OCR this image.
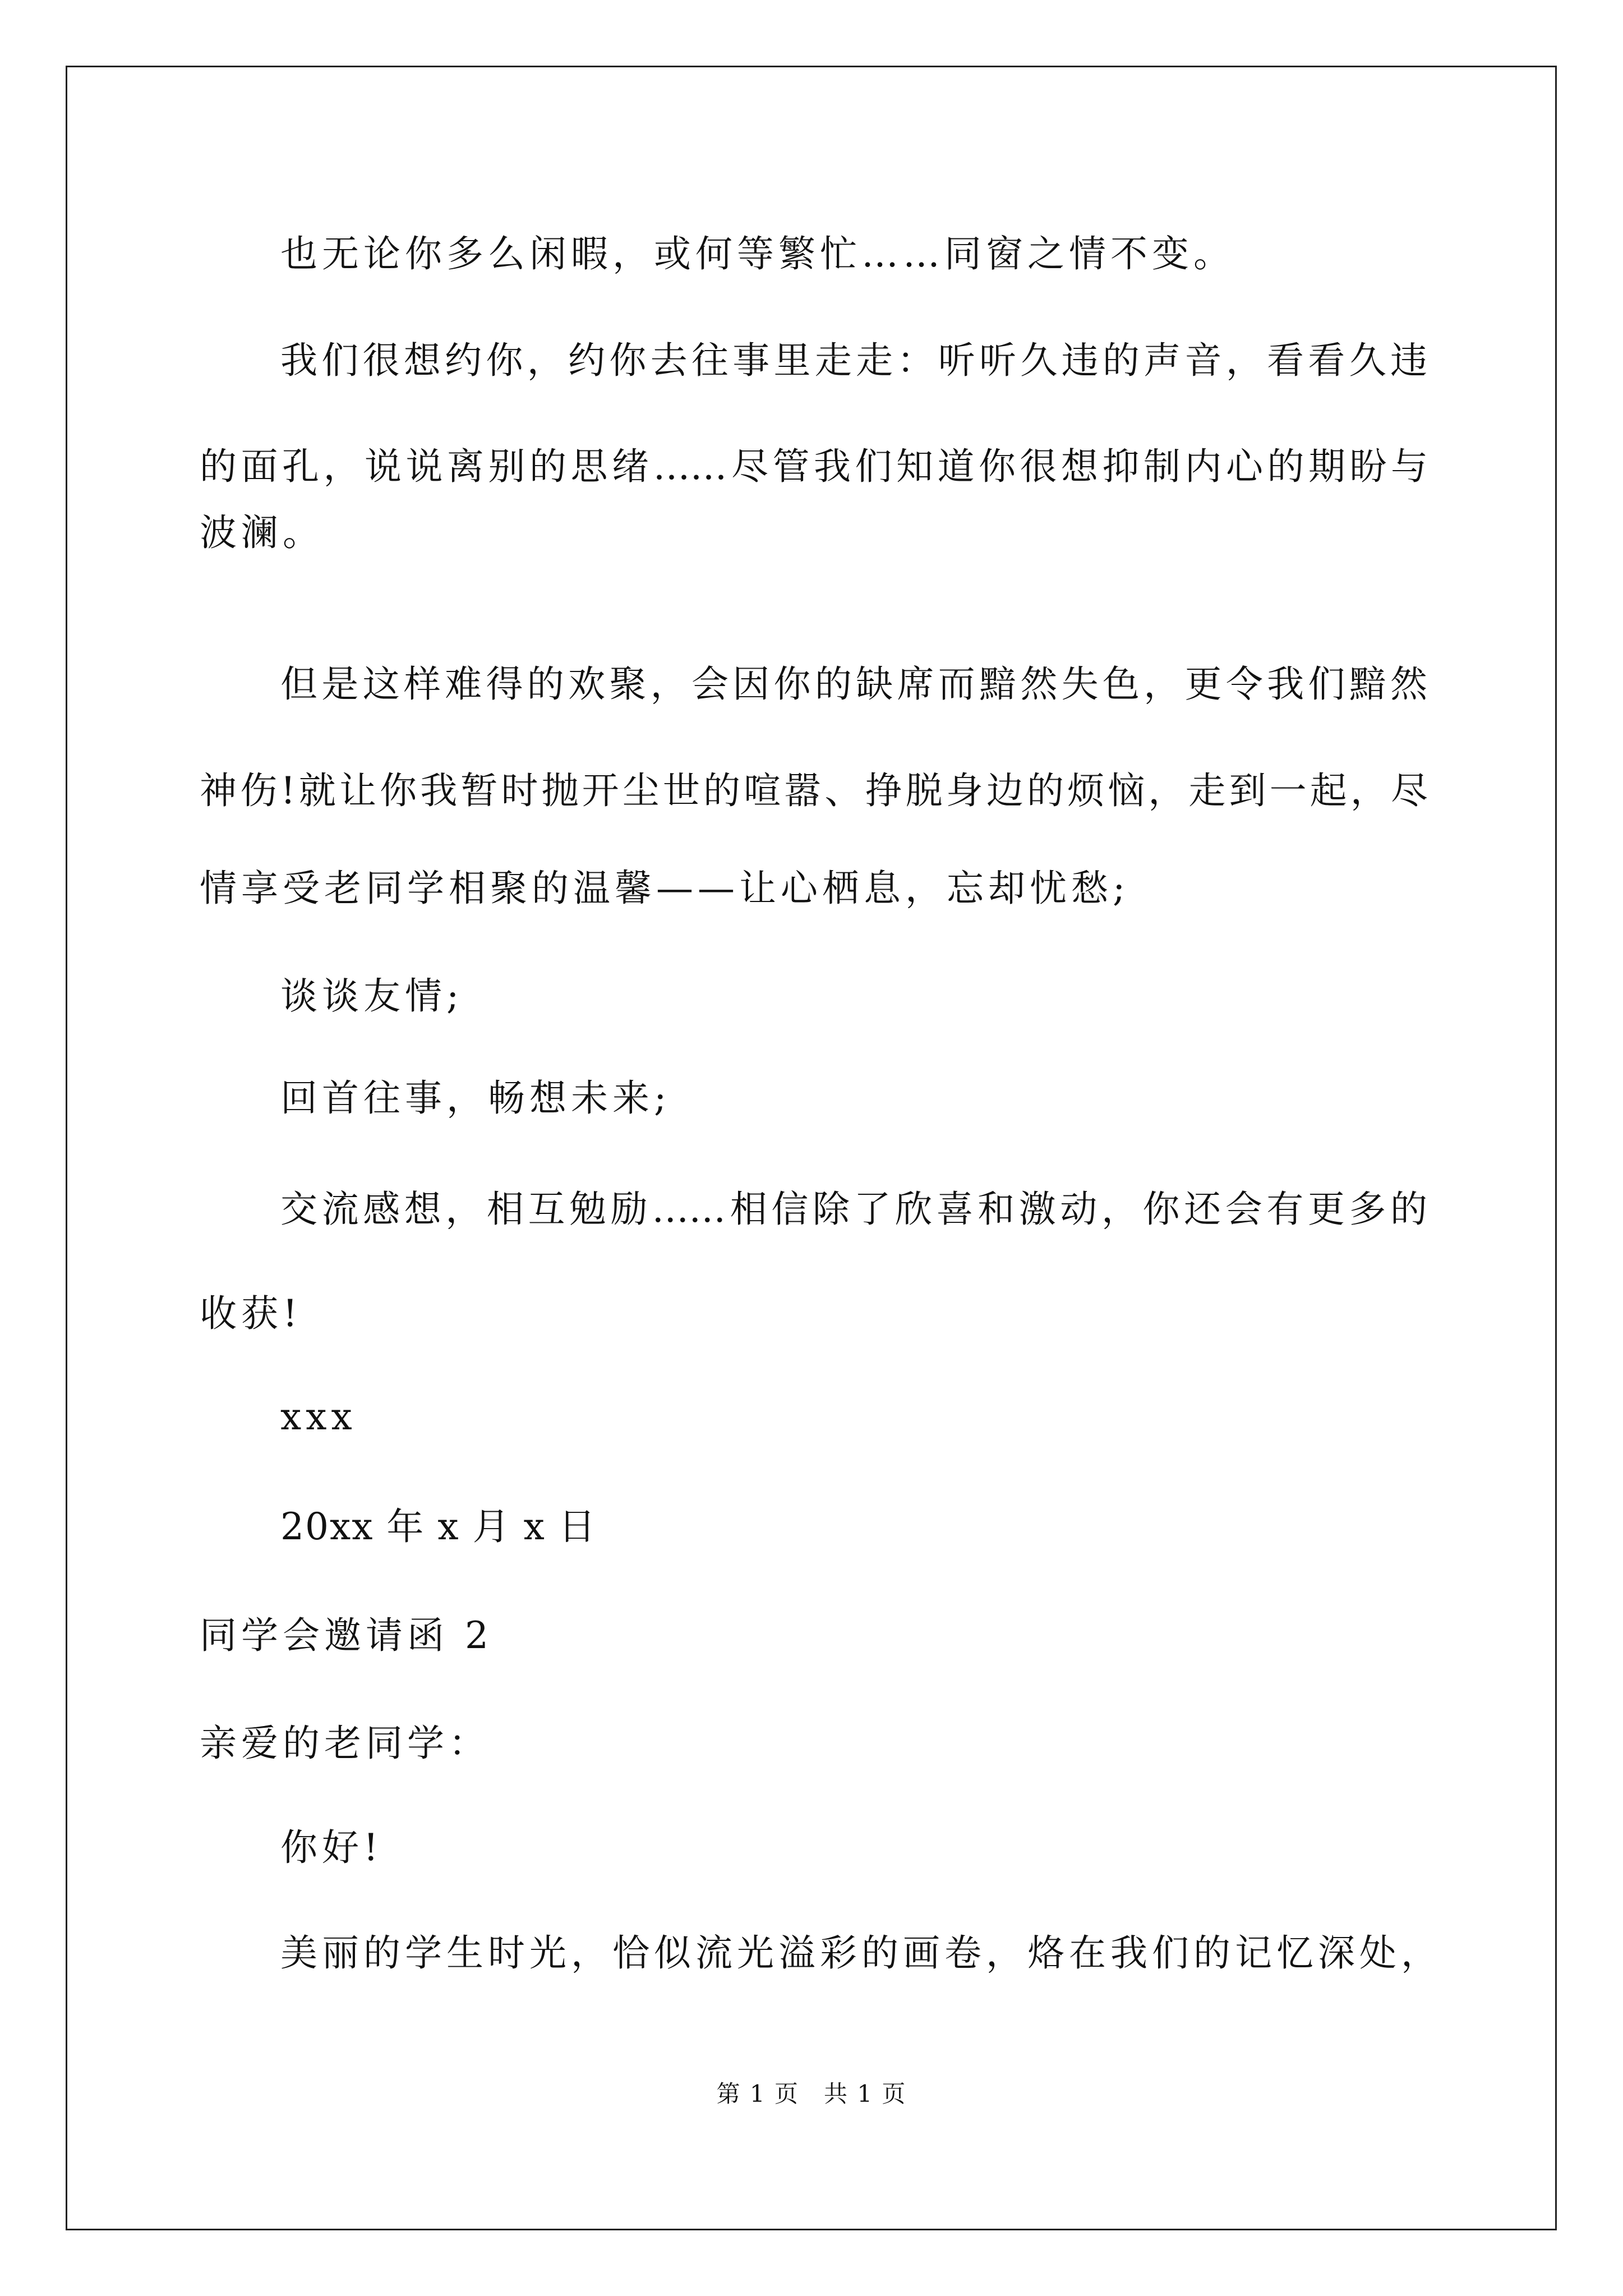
也无论你多么闲暇，或何等繁忙……同窗之情不变。
我们很想约你，约你去往事里走走：听听久违的声音，看看久违
的面孔，说说离别的思绪……尽管我们知道你很想抑制内心的期盼与
波澜。
但是这样难得的欢聚，会因你的缺席而黯然失色，更令我们黯然
神伤!就让你我暂时抛开尘世的喧嚣、挣脱身边的烦恼，走到一起，尽
情享受老同学相聚的温馨——让心栖息，忘却忧愁;
谈谈友情;
回首往事，畅想未来;
交流感想，相互勉励……相信除了欣喜和激动，你还会有更多的
收获!
xxx
20xx 年 x 月 x 日
同学会邀请函 2
亲爱的老同学：
你好!
美丽的学生时光，恰似流光溢彩的画卷，烙在我们的记忆深处，
第 1 页　共 1 页
